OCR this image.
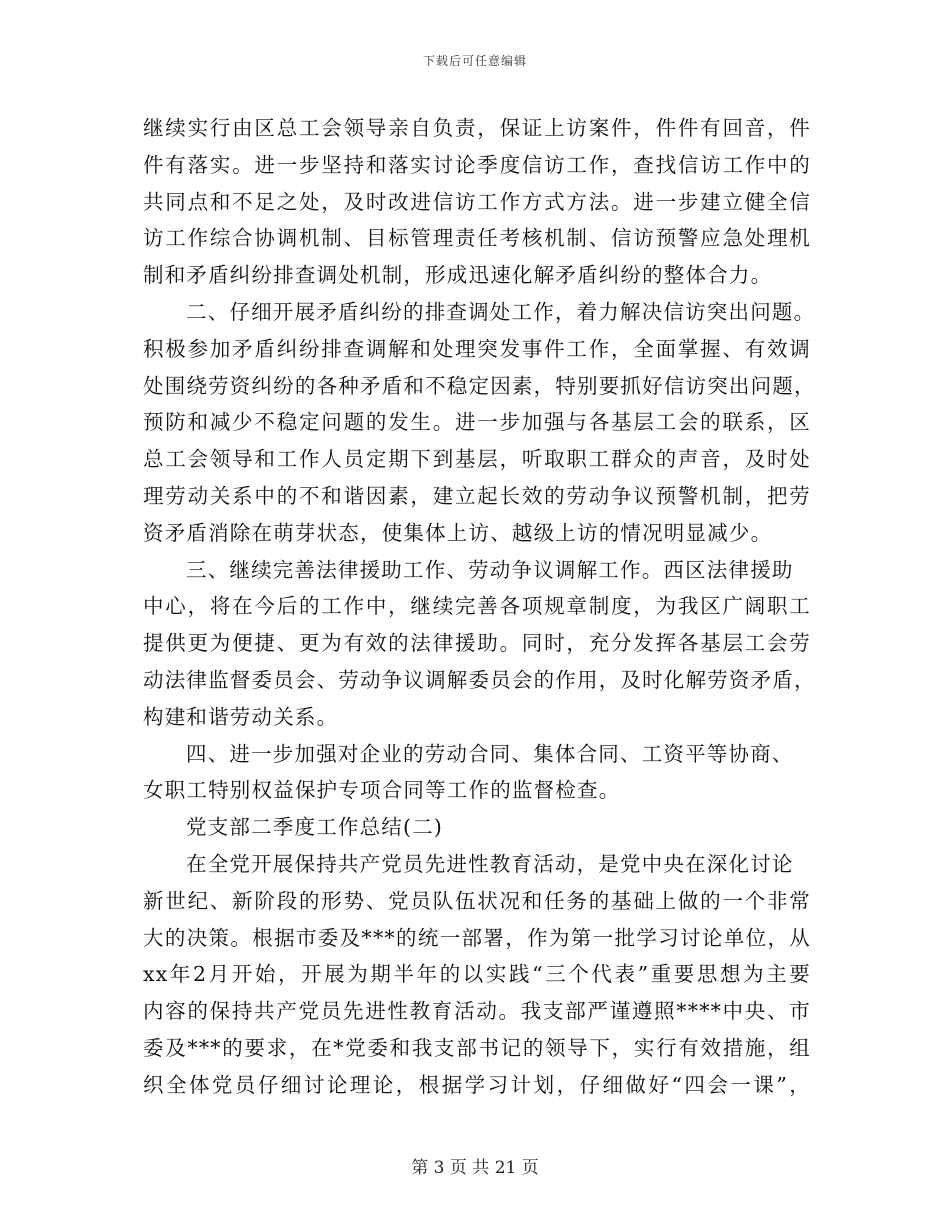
下载后可任意编辑
继续实行由区总工会领导亲自负责，保证上访案件，件件有回音，件
件有落实。进一步坚持和落实讨论季度信访工作，查找信访工作中的
共同点和不足之处，及时改进信访工作方式方法。进一步建立健全信
访工作综合协调机制、目标管理责任考核机制、信访预警应急处理机
制和矛盾纠纷排查调处机制，形成迅速化解矛盾纠纷的整体合力。
二、仔细开展矛盾纠纷的排查调处工作，着力解决信访突出问题。
积极参加矛盾纠纷排查调解和处理突发事件工作，全面掌握、有效调
处围绕劳资纠纷的各种矛盾和不稳定因素，特别要抓好信访突出问题，
预防和减少不稳定问题的发生。进一步加强与各基层工会的联系，区
总工会领导和工作人员定期下到基层，听取职工群众的声音，及时处
理劳动关系中的不和谐因素，建立起长效的劳动争议预警机制，把劳
资矛盾消除在萌芽状态，使集体上访、越级上访的情况明显减少。
三、继续完善法律援助工作、劳动争议调解工作。西区法律援助
中心，将在今后的工作中，继续完善各项规章制度，为我区广阔职工
提供更为便捷、更为有效的法律援助。同时，充分发挥各基层工会劳
动法律监督委员会、劳动争议调解委员会的作用，及时化解劳资矛盾，
构建和谐劳动关系。
四、进一步加强对企业的劳动合同、集体合同、工资平等协商、
女职工特别权益保护专项合同等工作的监督检查。
党支部二季度工作总结(二)
在全党开展保持共产党员先进性教育活动，是党中央在深化讨论
新世纪、新阶段的形势、党员队伍状况和任务的基础上做的一个非常
大的决策。根据市委及***的统一部署，作为第一批学习讨论单位，从
xx年2月开始，开展为期半年的以实践“三个代表”重要思想为主要
内容的保持共产党员先进性教育活动。我支部严谨遵照****中央、市
委及***的要求，在*党委和我支部书记的领导下，实行有效措施，组
织全体党员仔细讨论理论，根据学习计划，仔细做好“四会一课”，
第 3 页 共 21 页
